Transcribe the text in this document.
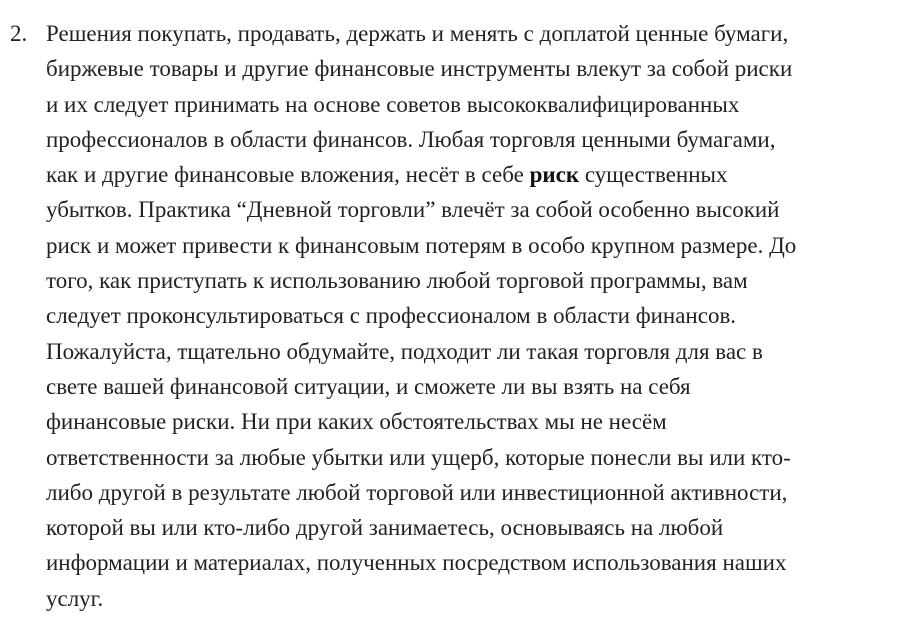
2. Решения покупать, продавать, держать и менять с доплатой ценные бумаги,
биржевые товары и другие финансовые инструменты влекут за собой риски
и их следует принимать на основе советов высококвалифицированных
профессионалов в области финансов. Любая торговля ценными бумагами,
как и другие финансовые вложения, несёт в себе риск существенных
убытков. Практика “Дневной торговли” влечёт за собой особенно высокий
риск и может привести к финансовым потерям в особо крупном размере. До
того, как приступать к использованию любой торговой программы, вам
следует проконсультироваться с профессионалом в области финансов.
Пожалуйста, тщательно обдумайте, подходит ли такая торговля для вас в
свете вашей финансовой ситуации, и сможете ли вы взять на себя
финансовые риски. Ни при каких обстоятельствах мы не несём
ответственности за любые убытки или ущерб, которые понесли вы или кто-
либо другой в результате любой торговой или инвестиционной активности,
которой вы или кто-либо другой занимаетесь, основываясь на любой
информации и материалах, полученных посредством использования наших
услуг.
